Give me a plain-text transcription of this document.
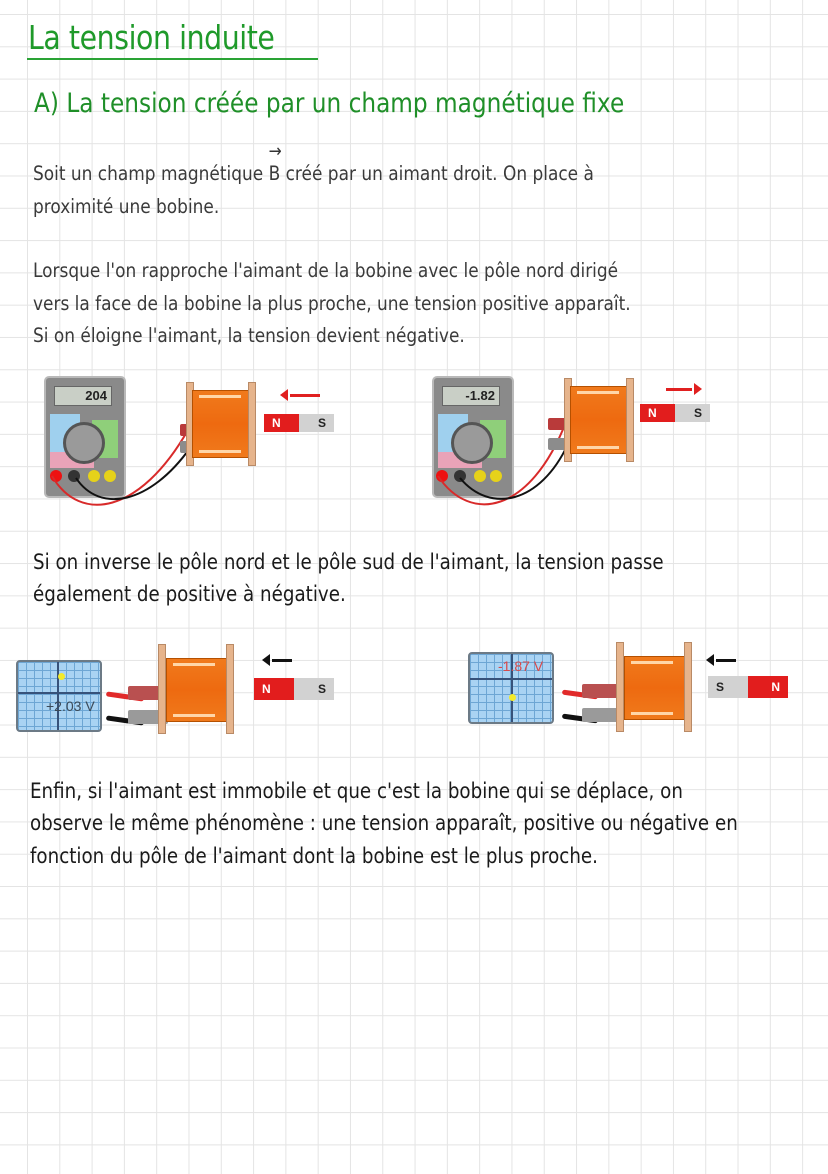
La tension induite
A) La tension créée par un champ magnétique fixe
Soit un champ magnétique
→
B créé par un aimant droit. On place à
proximité une bobine.
Lorsque l'on rapproche l'aimant de la bobine avec le pôle nord dirigé
vers la face de la bobine la plus proche, une tension positive apparaît.
Si on éloigne l'aimant, la tension devient négative.
204
N	S
-1.82
N	S
Si on inverse le pôle nord et le pôle sud de l'aimant, la tension passe
également de positive à négative.
+2.03 V
N	S
-1.87 V
S	N
Enfin, si l'aimant est immobile et que c'est la bobine qui se déplace, on
observe le même phénomène : une tension apparaît, positive ou négative en
fonction du pôle de l'aimant dont la bobine est le plus proche.
